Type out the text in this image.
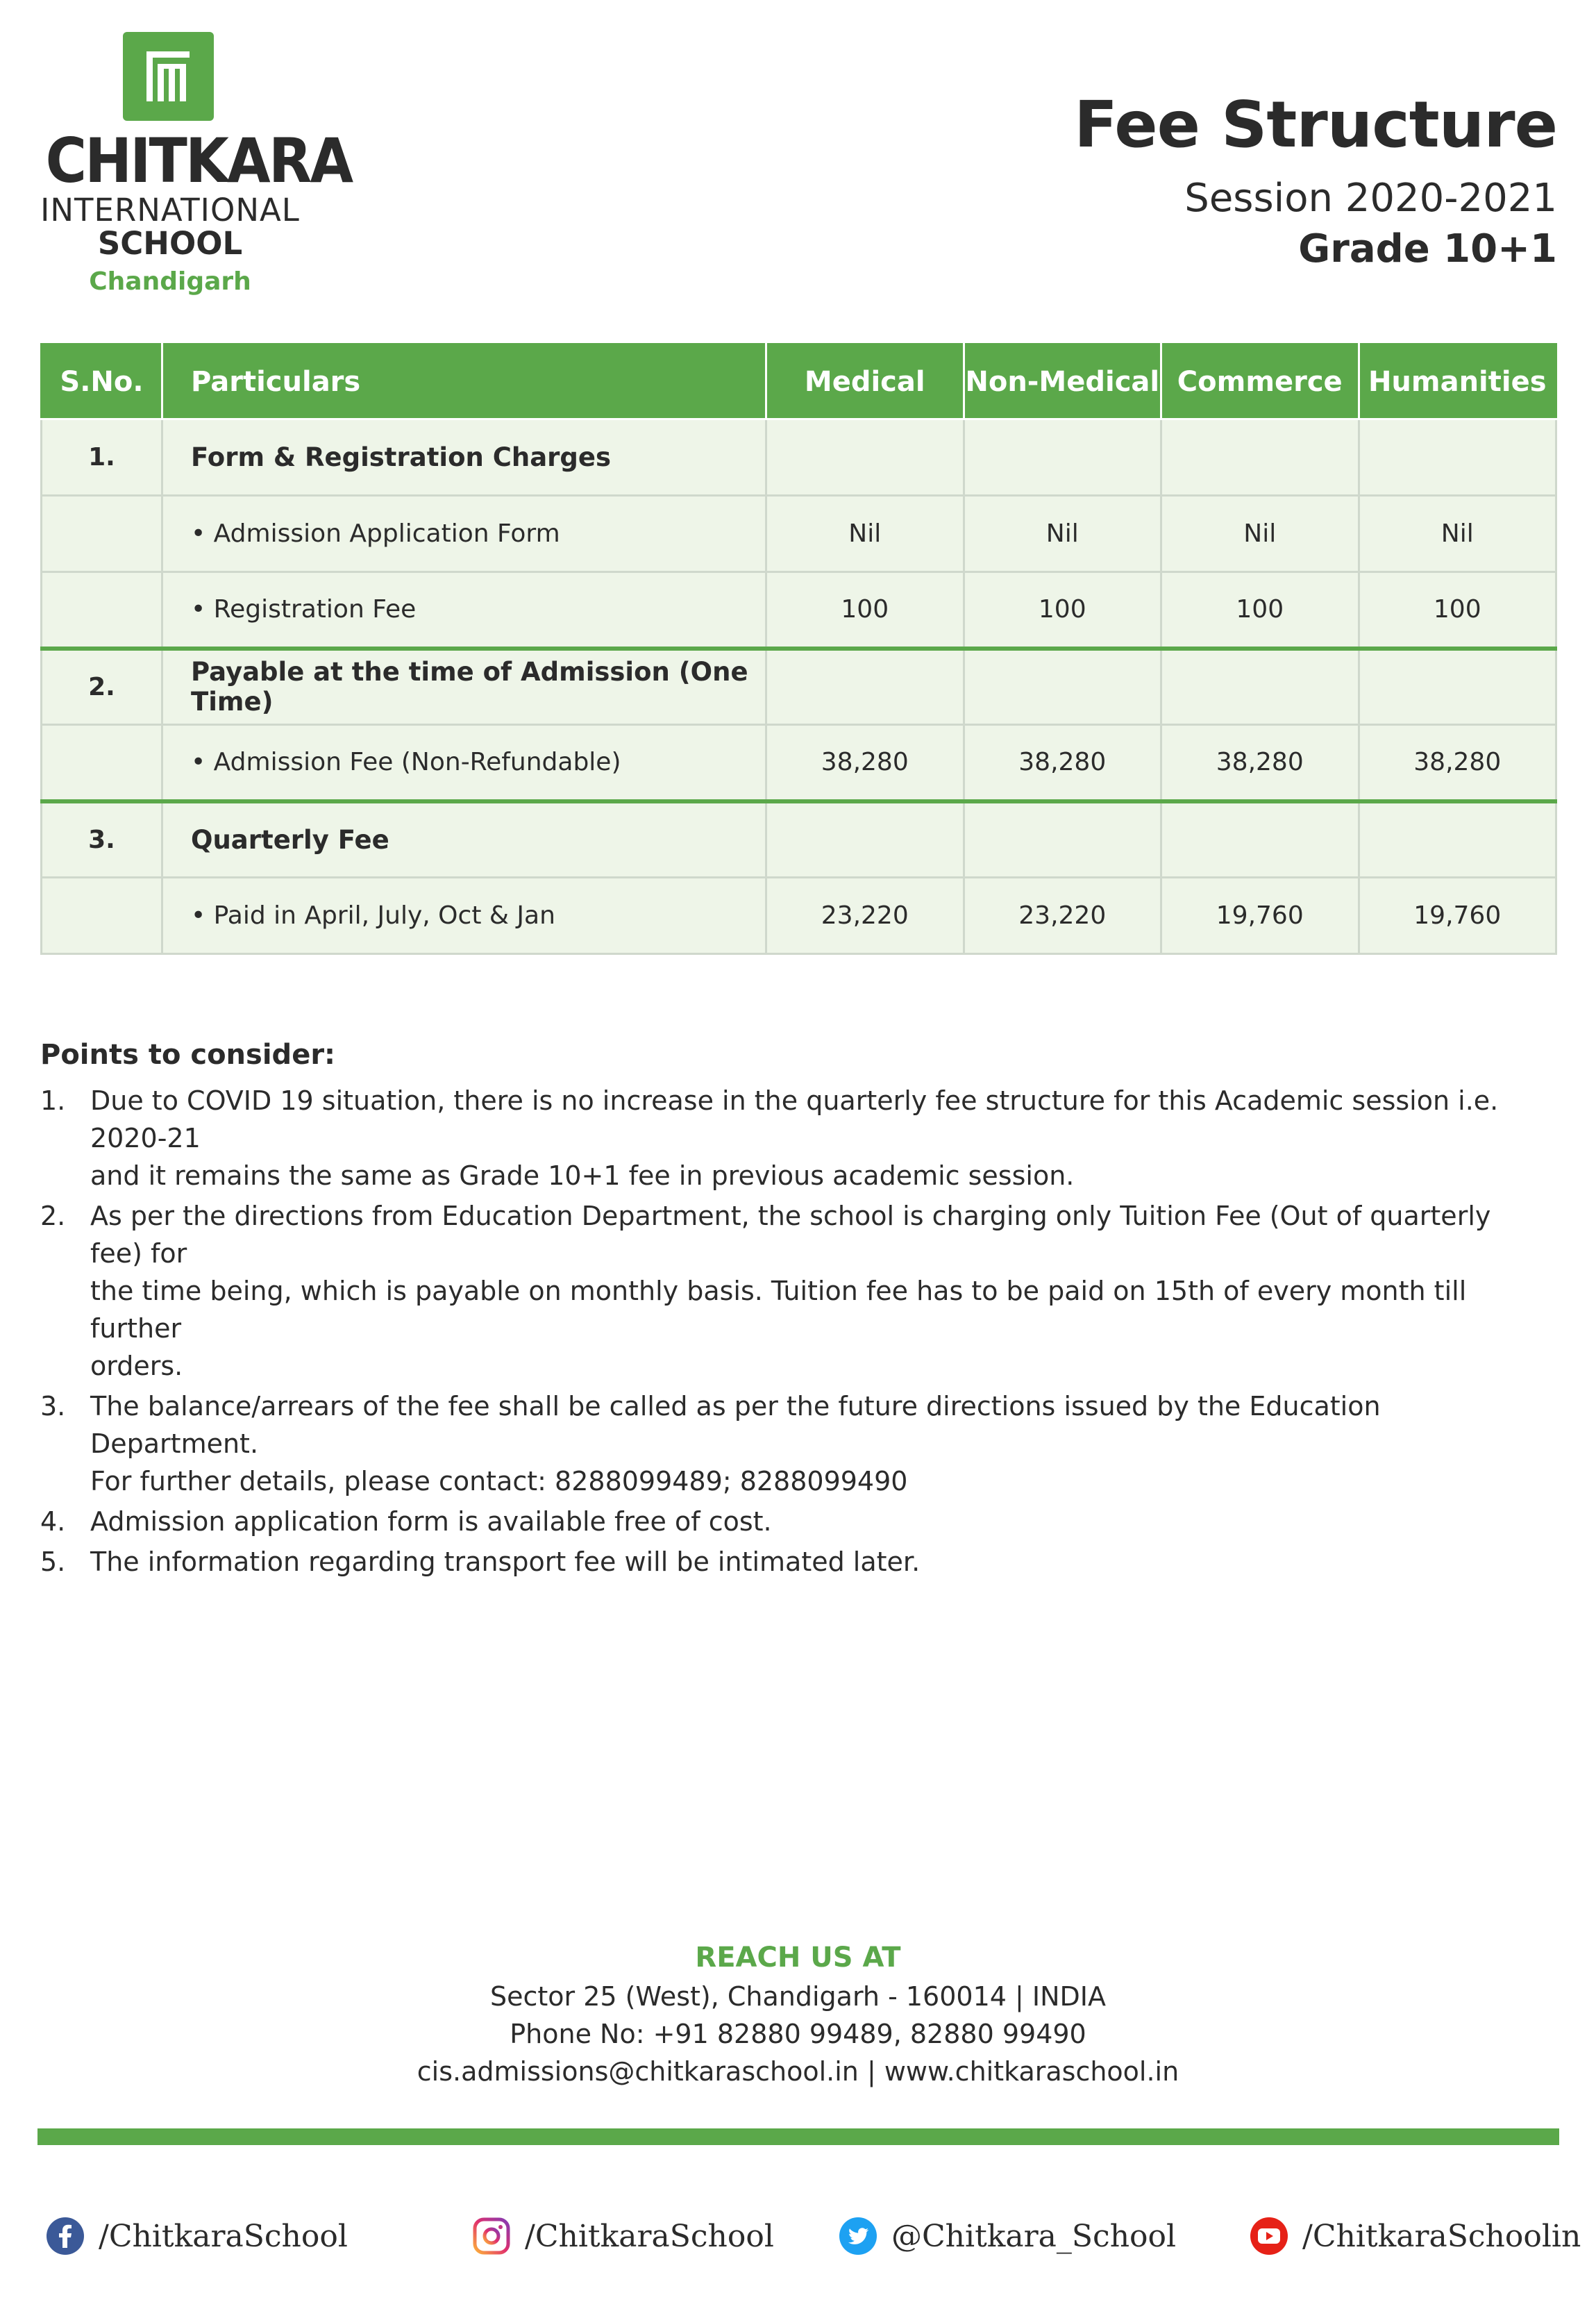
CHITKARA
INTERNATIONAL
SCHOOL
Chandigarh
Fee Structure
Session 2020-2021
Grade 10+1
S.No.	Particulars	Medical	Non-Medical	Commerce	Humanities
1.	Form & Registration Charges				
	• Admission Application Form	Nil	Nil	Nil	Nil
	• Registration Fee	100	100	100	100
2.	Payable at the time of Admission (One Time)				
	• Admission Fee (Non-Refundable)	38,280	38,280	38,280	38,280
3.	Quarterly Fee				
	• Paid in April, July, Oct & Jan	23,220	23,220	19,760	19,760
Points to consider:
1. Due to COVID 19 situation, there is no increase in the quarterly fee structure for this Academic session i.e. 2020-21
and it remains the same as Grade 10+1 fee in previous academic session.
2. As per the directions from Education Department, the school is charging only Tuition Fee (Out of quarterly fee) for
the time being, which is payable on monthly basis. Tuition fee has to be paid on 15th of every month till further
orders.
3. The balance/arrears of the fee shall be called as per the future directions issued by the Education Department.
For further details, please contact: 8288099489; 8288099490
4. Admission application form is available free of cost.
5. The information regarding transport fee will be intimated later.
REACH US AT
Sector 25 (West), Chandigarh - 160014 | INDIA
Phone No: +91 82880 99489, 82880 99490
cis.admissions@chitkaraschool.in | www.chitkaraschool.in
/ChitkaraSchool	/ChitkaraSchool	@Chitkara_School	/ChitkaraSchoolin
